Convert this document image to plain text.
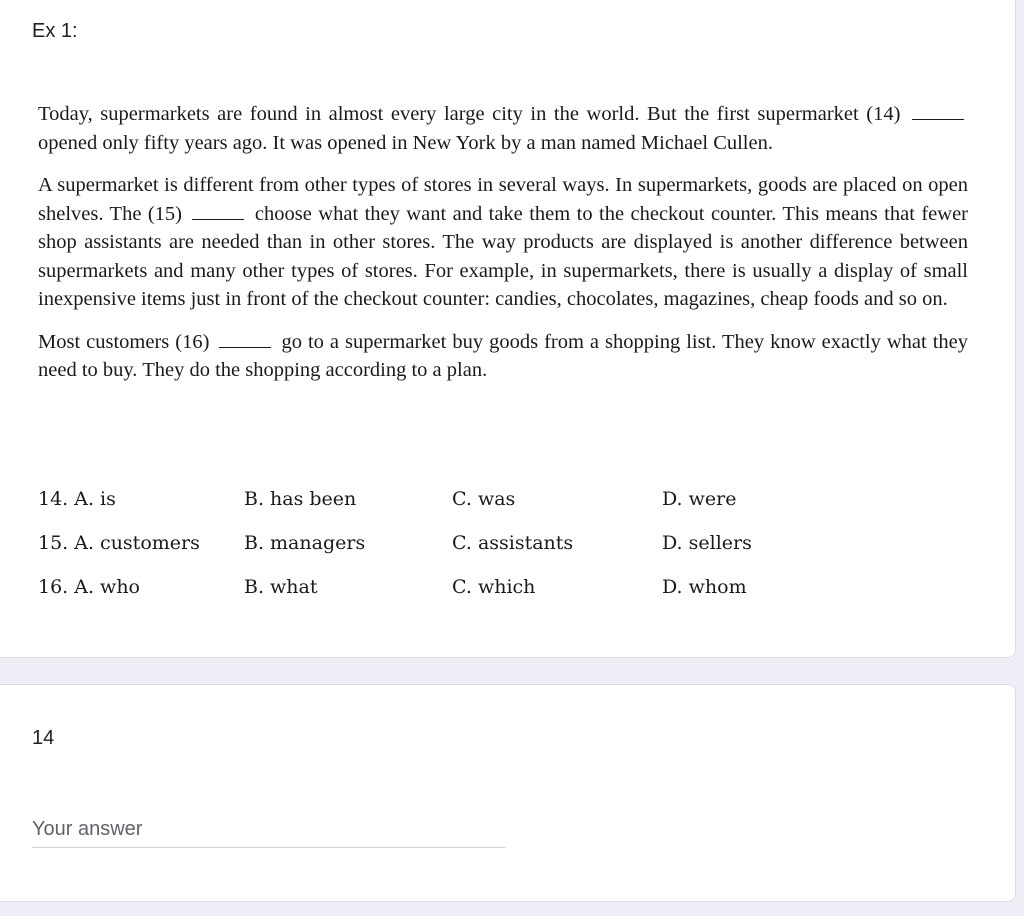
Ex 1:

Today, supermarkets are found in almost every large city in the world. But the first supermarket (14)  opened only fifty years ago. It was opened in New York by a man named Michael Cullen.

A supermarket is different from other types of stores in several ways. In supermarkets, goods are placed on open shelves. The (15)	choose what they want and take them to the checkout counter. This means that fewer shop assistants are needed than in other stores. The way products are displayed is another difference between supermarkets and many other types of stores. For example, in supermarkets, there is usually a display of small inexpensive items just in front of the checkout counter: candies, chocolates, magazines, cheap foods and so on.

Most customers (16)	go to a supermarket buy goods from a shopping list. They know exactly what they need to buy. They do the shopping according to a plan.

14. A. is	B. has been	C. was	D. were
15. A. customers B. managers	C. assistants	D. sellers
16. A. who	B. what	C. which	D. whom
14
Your answer
